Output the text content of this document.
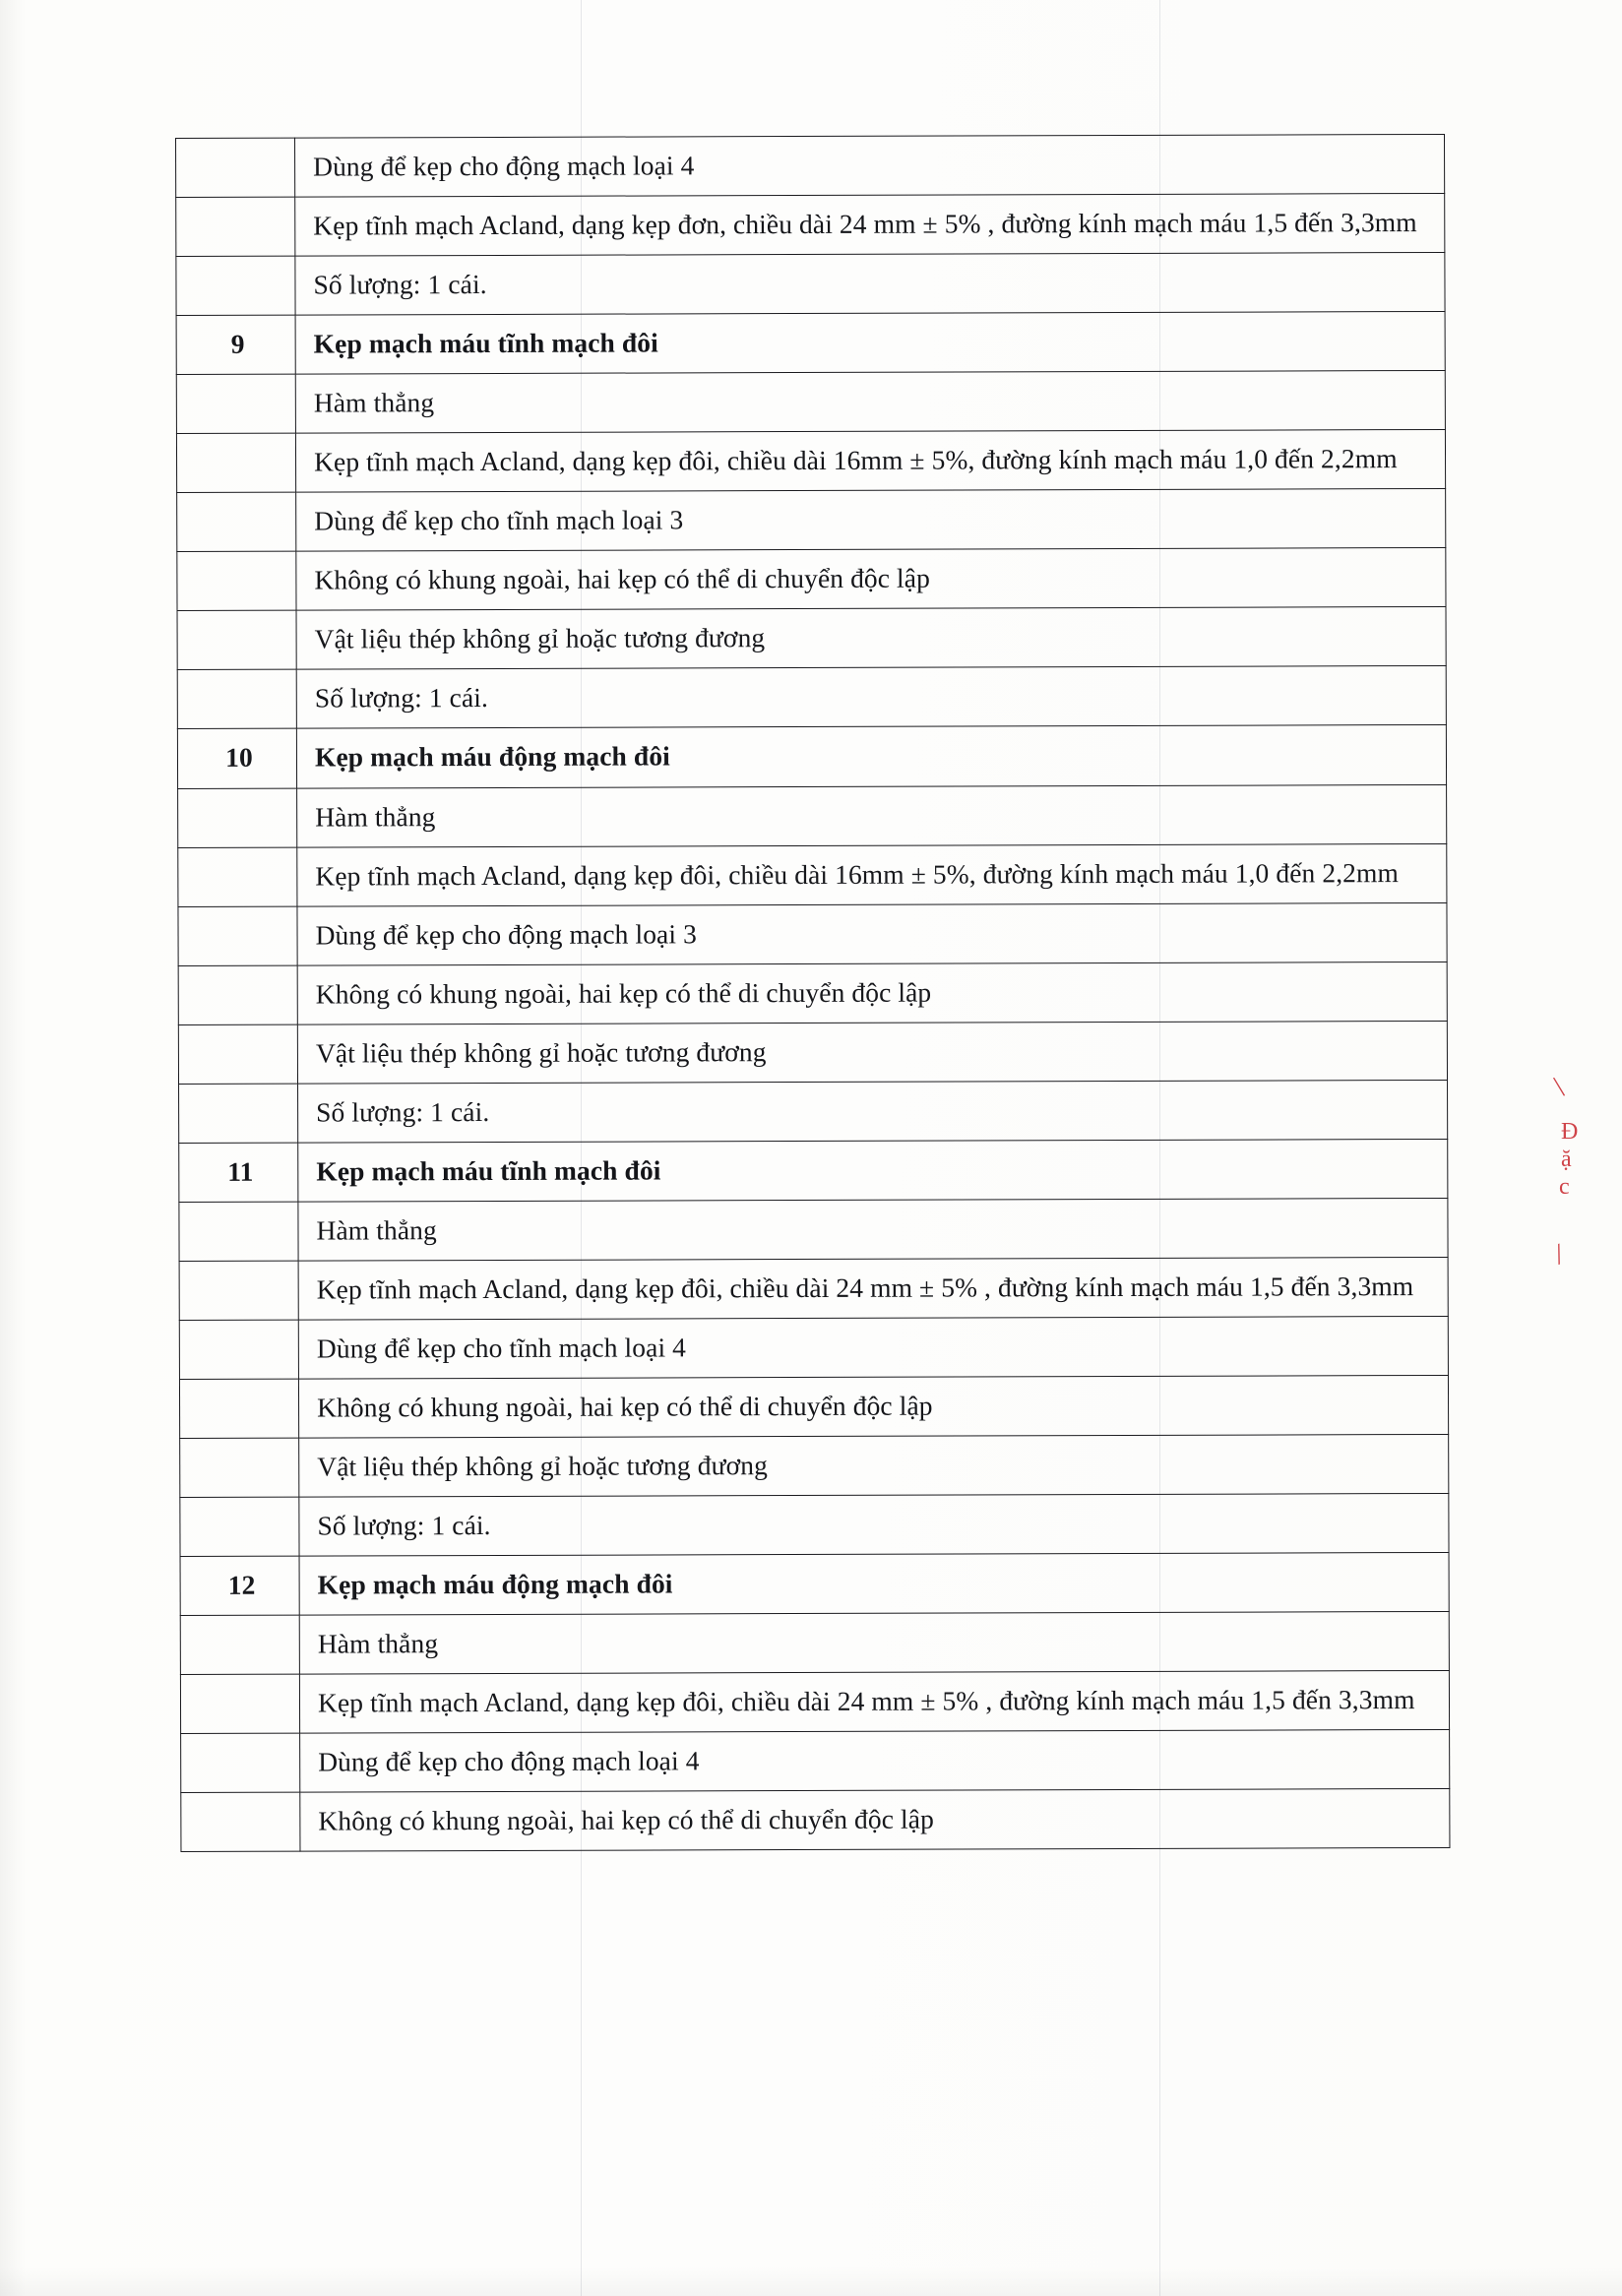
	Dùng để kẹp cho động mạch loại 4
	Kẹp tĩnh mạch Acland, dạng kẹp đơn, chiều dài 24 mm ± 5% , đường kính mạch máu 1,5 đến 3,3mm
	Số lượng: 1 cái.
9	Kẹp mạch máu tĩnh mạch đôi
	Hàm thẳng
	Kẹp tĩnh mạch Acland, dạng kẹp đôi, chiều dài 16mm ± 5%, đường kính mạch máu 1,0 đến 2,2mm
	Dùng để kẹp cho tĩnh mạch loại 3
	Không có khung ngoài, hai kẹp có thể di chuyển độc lập
	Vật liệu thép không gỉ hoặc tương đương
	Số lượng: 1 cái.
10	Kẹp mạch máu động mạch đôi
	Hàm thẳng
	Kẹp tĩnh mạch Acland, dạng kẹp đôi, chiều dài 16mm ± 5%, đường kính mạch máu 1,0 đến 2,2mm
	Dùng để kẹp cho động mạch loại 3
	Không có khung ngoài, hai kẹp có thể di chuyển độc lập
	Vật liệu thép không gỉ hoặc tương đương
	Số lượng: 1 cái.
11	Kẹp mạch máu tĩnh mạch đôi
	Hàm thẳng
	Kẹp tĩnh mạch Acland, dạng kẹp đôi, chiều dài 24 mm ± 5% , đường kính mạch máu 1,5 đến 3,3mm
	Dùng để kẹp cho tĩnh mạch loại 4
	Không có khung ngoài, hai kẹp có thể di chuyển độc lập
	Vật liệu thép không gỉ hoặc tương đương
	Số lượng: 1 cái.
12	Kẹp mạch máu động mạch đôi
	Hàm thẳng
	Kẹp tĩnh mạch Acland, dạng kẹp đôi, chiều dài 24 mm ± 5% , đường kính mạch máu 1,5 đến 3,3mm
	Dùng để kẹp cho động mạch loại 4
	Không có khung ngoài, hai kẹp có thể di chuyển độc lập
\
Đ
ặ
c
/
